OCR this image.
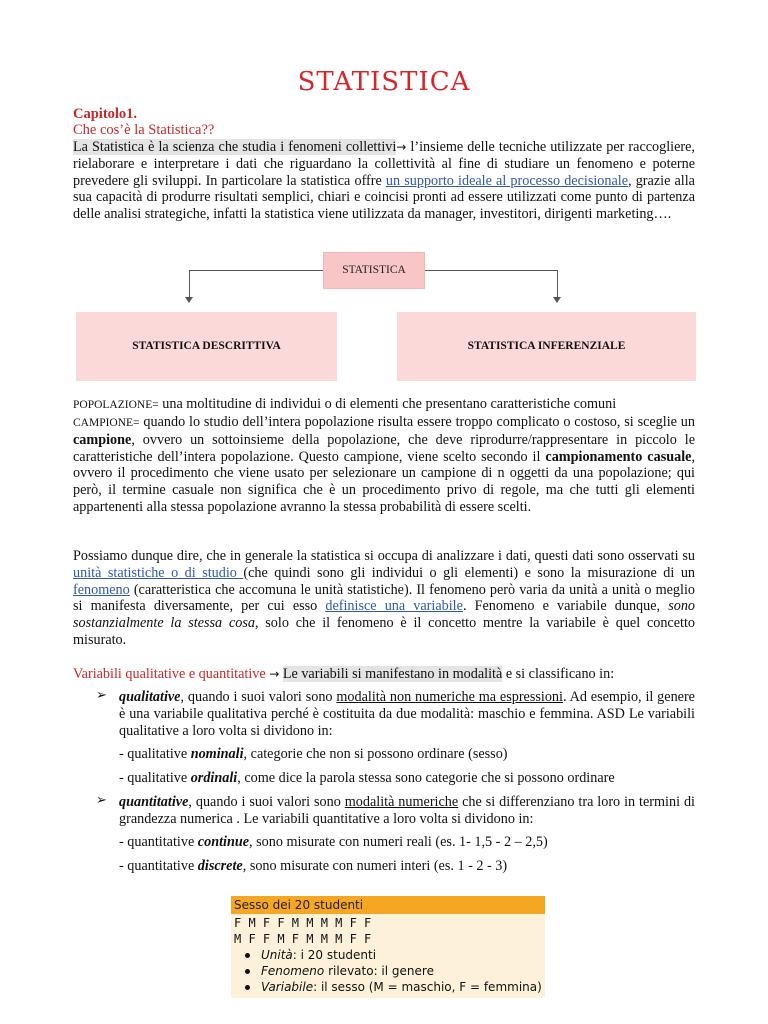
STATISTICA
Capitolo1.
Che cos’è la Statistica??
La Statistica è la scienza che studia i fenomeni collettivi→ l’insieme delle tecniche utilizzate per raccogliere, rielaborare e interpretare i dati che riguardano la collettività al fine di studiare un fenomeno e poterne prevedere gli sviluppi. In particolare la statistica offre un supporto ideale al processo decisionale, grazie alla sua capacità di produrre risultati semplici, chiari e coincisi pronti ad essere utilizzati come punto di partenza delle analisi strategiche, infatti la statistica viene utilizzata da manager, investitori, dirigenti marketing….
STATISTICA
STATISTICA DESCRITTIVA	STATISTICA INFERENZIALE
POPOLAZIONE= una moltitudine di individui o di elementi che presentano caratteristiche comuni
CAMPIONE= quando lo studio dell’intera popolazione risulta essere troppo complicato o costoso, si sceglie un campione, ovvero un sottoinsieme della popolazione, che deve riprodurre/rappresentare in piccolo le caratteristiche dell’intera popolazione. Questo campione, viene scelto secondo il campionamento casuale, ovvero il procedimento che viene usato per selezionare un campione di n oggetti da una popolazione; qui però, il termine casuale non significa che è un procedimento privo di regole, ma che tutti gli elementi appartenenti alla stessa popolazione avranno la stessa probabilità di essere scelti.
Possiamo dunque dire, che in generale la statistica si occupa di analizzare i dati, questi dati sono osservati su unità statistiche o di studio (che quindi sono gli individui o gli elementi) e sono la misurazione di un fenomeno (caratteristica che accomuna le unità statistiche). Il fenomeno però varia da unità a unità o meglio si manifesta diversamente, per cui esso definisce una variabile. Fenomeno e variabile dunque, sono sostanzialmente la stessa cosa, solo che il fenomeno è il concetto mentre la variabile è quel concetto misurato.
Variabili qualitative e quantitative → Le variabili si manifestano in modalità e si classificano in:
➢ qualitative, quando i suoi valori sono modalità non numeriche ma espressioni. Ad esempio, il genere è una variabile qualitativa perché è costituita da due modalità: maschio e femmina. ASD Le variabili qualitative a loro volta si dividono in:
- qualitative nominali, categorie che non si possono ordinare (sesso)
- qualitative ordinali, come dice la parola stessa sono categorie che si possono ordinare
➢ quantitative, quando i suoi valori sono modalità numeriche che si differenziano tra loro in termini di grandezza numerica . Le variabili quantitative a loro volta si dividono in:
- quantitative continue, sono misurate con numeri reali (es. 1- 1,5 - 2 – 2,5)
- quantitative discrete, sono misurate con numeri interi (es. 1 - 2 - 3)
Sesso dei 20 studenti
F M F F M M M M F F
M F F M F M M M F F
Unità: i 20 studenti
Fenomeno rilevato: il genere
Variabile: il sesso (M = maschio, F = femmina)
